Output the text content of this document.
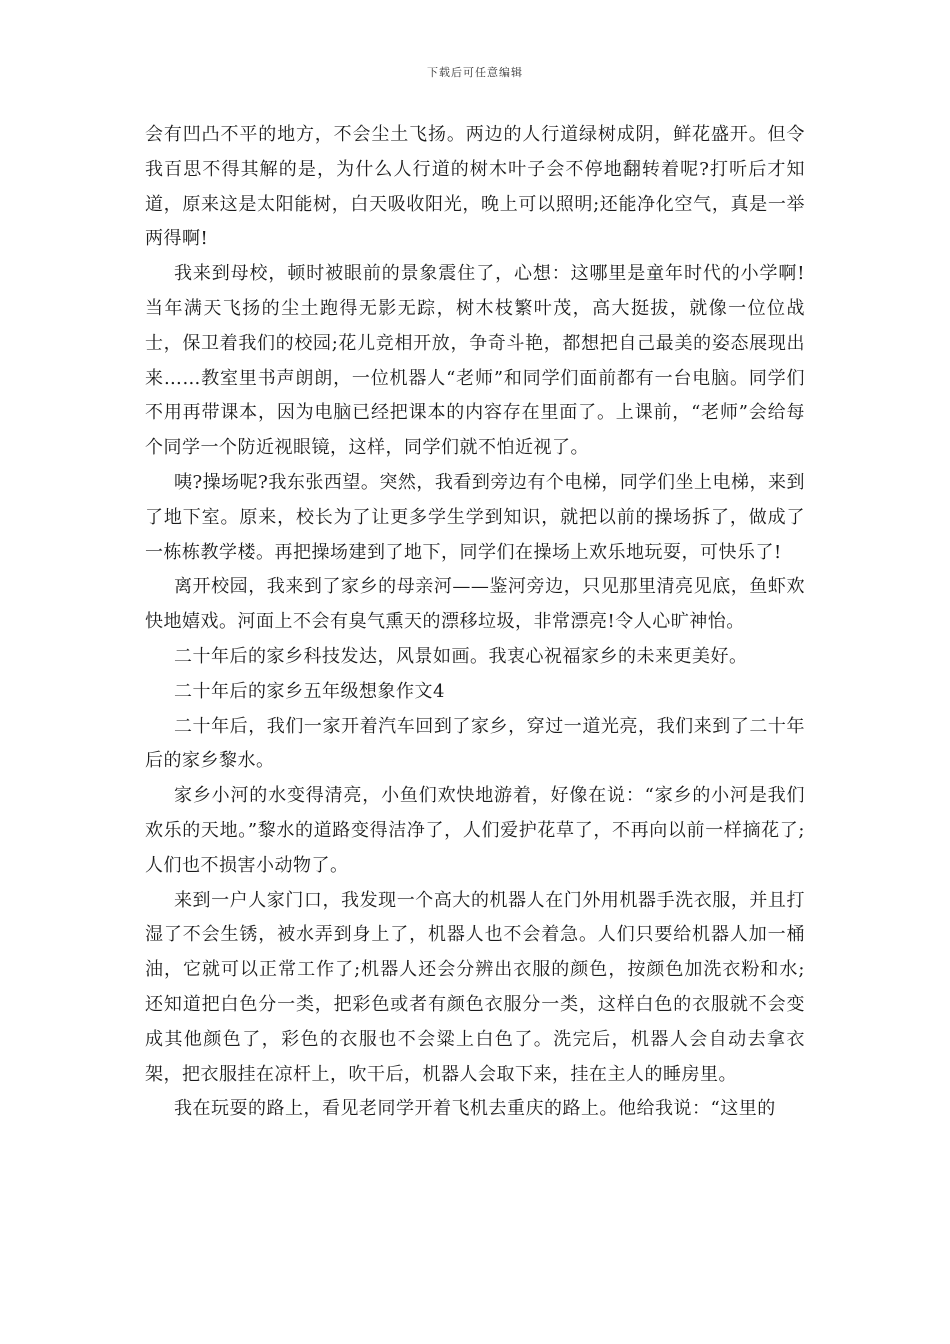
下载后可任意编辑

会有凹凸不平的地方，不会尘土飞扬。两边的人行道绿树成阴，鲜花盛开。但令我百思不得其解的是，为什么人行道的树木叶子会不停地翻转着呢?打听后才知道，原来这是太阳能树，白天吸收阳光，晚上可以照明;还能净化空气，真是一举两得啊!

我来到母校，顿时被眼前的景象震住了，心想：这哪里是童年时代的小学啊!当年满天飞扬的尘土跑得无影无踪，树木枝繁叶茂，高大挺拔，就像一位位战士，保卫着我们的校园;花儿竞相开放，争奇斗艳，都想把自己最美的姿态展现出来……教室里书声朗朗，一位机器人“老师”和同学们面前都有一台电脑。同学们不用再带课本，因为电脑已经把课本的内容存在里面了。上课前，“老师”会给每个同学一个防近视眼镜，这样，同学们就不怕近视了。

咦?操场呢?我东张西望。突然，我看到旁边有个电梯，同学们坐上电梯，来到了地下室。原来，校长为了让更多学生学到知识，就把以前的操场拆了，做成了一栋栋教学楼。再把操场建到了地下，同学们在操场上欢乐地玩耍，可快乐了!

离开校园，我来到了家乡的母亲河——鉴河旁边，只见那里清亮见底，鱼虾欢快地嬉戏。河面上不会有臭气熏天的漂移垃圾，非常漂亮!令人心旷神怡。

二十年后的家乡科技发达，风景如画。我衷心祝福家乡的未来更美好。

二十年后的家乡五年级想象作文4

二十年后，我们一家开着汽车回到了家乡，穿过一道光亮，我们来到了二十年后的家乡黎水。

家乡小河的水变得清亮，小鱼们欢快地游着，好像在说：“家乡的小河是我们欢乐的天地。”黎水的道路变得洁净了，人们爱护花草了，不再向以前一样摘花了;人们也不损害小动物了。

来到一户人家门口，我发现一个高大的机器人在门外用机器手洗衣服，并且打湿了不会生锈，被水弄到身上了，机器人也不会着急。人们只要给机器人加一桶油，它就可以正常工作了;机器人还会分辨出衣服的颜色，按颜色加洗衣粉和水;还知道把白色分一类，把彩色或者有颜色衣服分一类，这样白色的衣服就不会变成其他颜色了，彩色的衣服也不会粱上白色了。洗完后，机器人会自动去拿衣架，把衣服挂在凉杆上，吹干后，机器人会取下来，挂在主人的睡房里。

我在玩耍的路上，看见老同学开着飞机去重庆的路上。他给我说：“这里的
